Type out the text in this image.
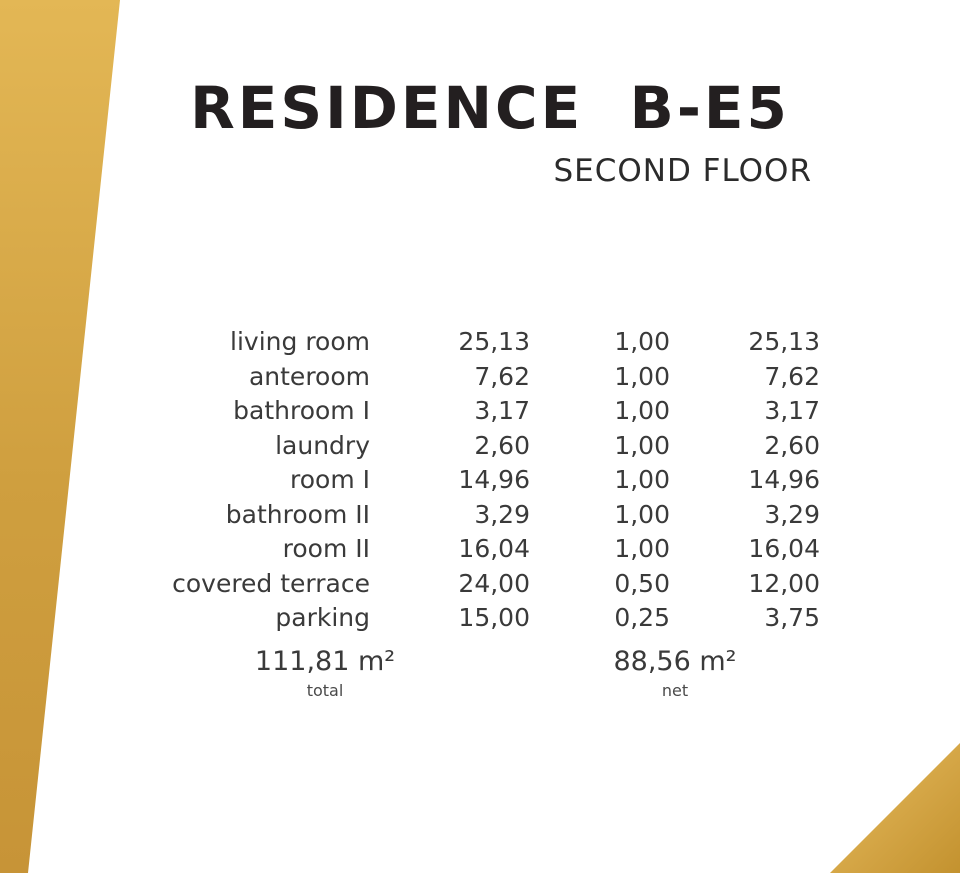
RESIDENCE  B-E5
SECOND FLOOR
living room	25,13	1,00	25,13
anteroom	7,62	1,00	7,62
bathroom I	3,17	1,00	3,17
laundry	2,60	1,00	2,60
room I	14,96	1,00	14,96
bathroom II	3,29	1,00	3,29
room II	16,04	1,00	16,04
covered terrace	24,00	0,50	12,00
parking	15,00	0,25	3,75
111,81 m²
total
88,56 m²
net
